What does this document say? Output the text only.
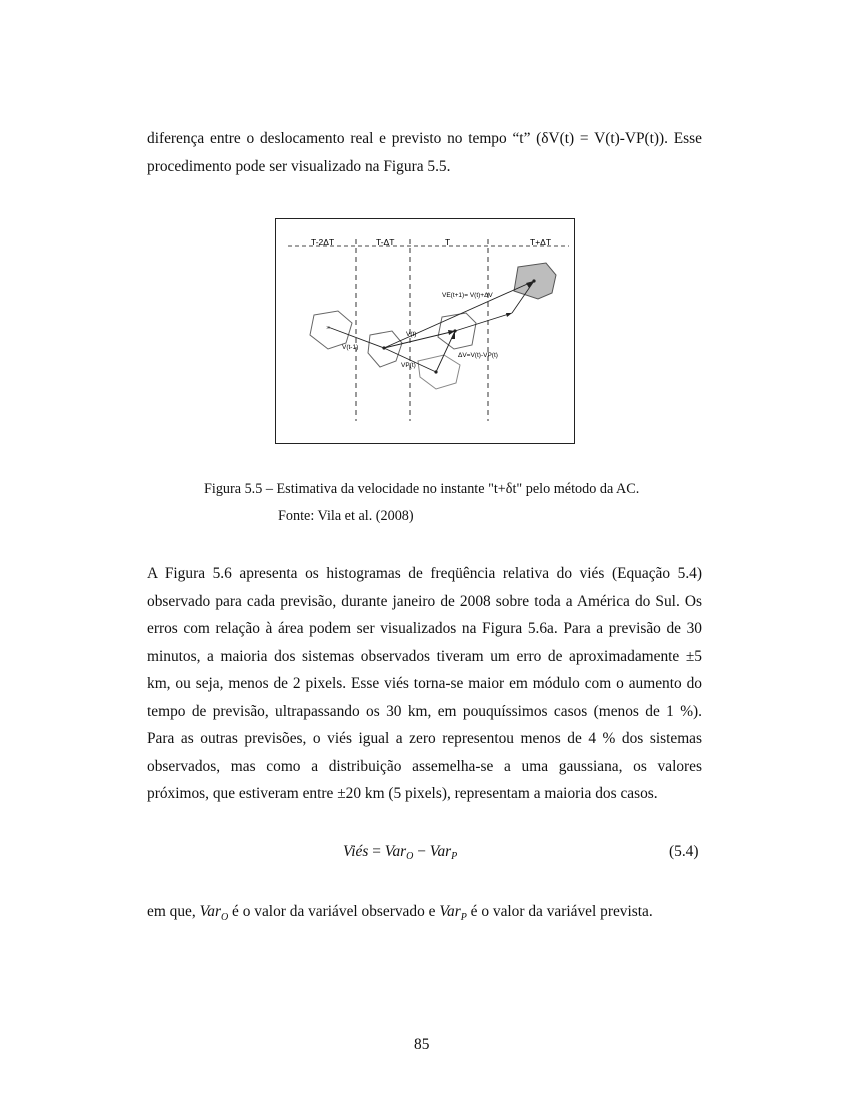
diferença entre o deslocamento real e previsto no tempo “t” (δV(t) = V(t)-VP(t)). Esse
procedimento pode ser visualizado na Figura 5.5.
T-2ΔT	T-ΔT	T	T+ΔT
×
VE(t+1)= V(t)+ΔV
V(t)
V(t-1)
ΔV=V(t)-VP(t)
VP(t)
Figura 5.5 – Estimativa da velocidade no instante "t+δt" pelo método da AC.
Fonte: Vila et al. (2008)
A Figura 5.6 apresenta os histogramas de freqüência relativa do viés (Equação 5.4)
observado para cada previsão, durante janeiro de 2008 sobre toda a América do Sul. Os
erros com relação à área podem ser visualizados na Figura 5.6a. Para a previsão de 30
minutos, a maioria dos sistemas observados tiveram um erro de aproximadamente ±5
km, ou seja, menos de 2 pixels. Esse viés torna-se maior em módulo com o aumento do
tempo de previsão, ultrapassando os 30 km, em pouquíssimos casos (menos de 1 %).
Para as outras previsões, o viés igual a zero representou menos de 4 % dos sistemas
observados, mas como a distribuição assemelha-se a uma gaussiana, os valores
próximos, que estiveram entre ±20 km (5 pixels), representam a maioria dos casos.
Viés = Var$_O$ − Var$_P$	(5.4)
em que, Var$_O$ é o valor da variável observado e Var$_P$ é o valor da variável prevista.
85
